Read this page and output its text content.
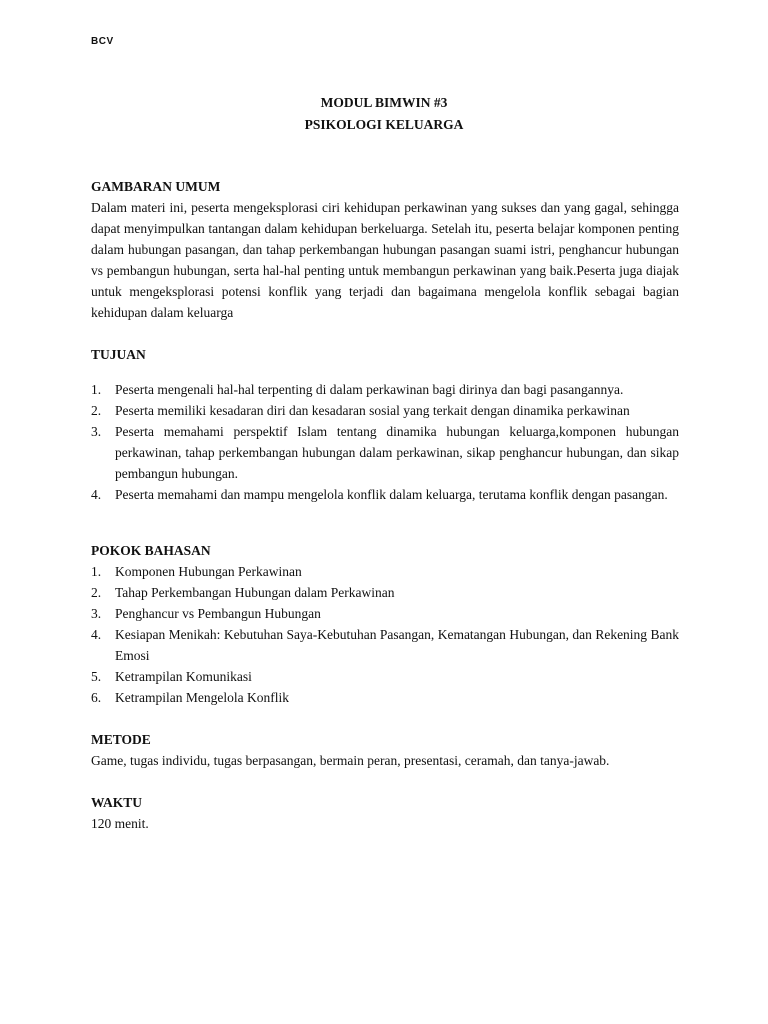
BCV
MODUL BIMWIN #3
PSIKOLOGI KELUARGA

GAMBARAN UMUM

Dalam materi ini, peserta mengeksplorasi ciri kehidupan perkawinan yang sukses dan yang gagal, sehingga dapat menyimpulkan tantangan dalam kehidupan berkeluarga. Setelah itu, peserta belajar komponen penting dalam hubungan pasangan, dan tahap perkembangan hubungan pasangan suami istri, penghancur hubungan vs pembangun hubungan, serta hal-hal penting untuk membangun perkawinan yang baik.Peserta juga diajak untuk mengeksplorasi potensi konflik yang terjadi dan bagaimana mengelola konflik sebagai bagian kehidupan dalam keluarga

TUJUAN

1. Peserta mengenali hal-hal terpenting di dalam perkawinan bagi dirinya dan bagi pasangannya.
2. Peserta memiliki kesadaran diri dan kesadaran sosial yang terkait dengan dinamika perkawinan
3. Peserta memahami perspektif Islam tentang dinamika hubungan keluarga,komponen hubungan perkawinan, tahap perkembangan hubungan dalam perkawinan, sikap penghancur hubungan, dan sikap pembangun hubungan.
4. Peserta memahami dan mampu mengelola konflik dalam keluarga, terutama konflik dengan pasangan.

POKOK BAHASAN

1. Komponen Hubungan Perkawinan
2. Tahap Perkembangan Hubungan dalam Perkawinan
3. Penghancur vs Pembangun Hubungan
4. Kesiapan Menikah: Kebutuhan Saya-Kebutuhan Pasangan, Kematangan Hubungan, dan Rekening Bank Emosi
5. Ketrampilan Komunikasi
6. Ketrampilan Mengelola Konflik

METODE

Game, tugas individu, tugas berpasangan, bermain peran, presentasi, ceramah, dan tanya-jawab.

WAKTU

120 menit.
